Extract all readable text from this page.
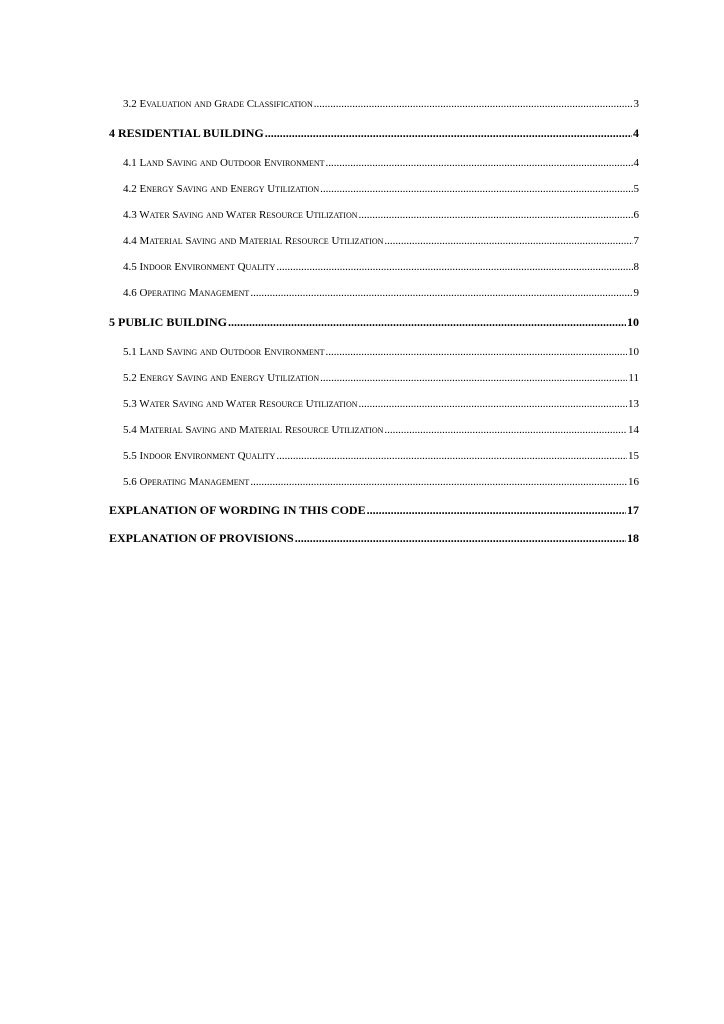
3.2 Evaluation and Grade Classification .....	3
4 RESIDENTIAL BUILDING .....	4
4.1 Land Saving and Outdoor Environment .....	4
4.2 Energy Saving and Energy Utilization .....	5
4.3 Water Saving and Water Resource Utilization .....	6
4.4 Material Saving and Material Resource Utilization .....	7
4.5 Indoor Environment Quality .....	8
4.6 Operating Management .....	9
5 PUBLIC BUILDING .....	10
5.1 Land Saving and Outdoor Environment .....	10
5.2 Energy Saving and Energy Utilization .....	11
5.3 Water Saving and Water Resource Utilization .....	13
5.4 Material Saving and Material Resource Utilization .....	14
5.5 Indoor Environment Quality .....	15
5.6 Operating Management .....	16
EXPLANATION OF WORDING IN THIS CODE .....	17
EXPLANATION OF PROVISIONS .....	18
